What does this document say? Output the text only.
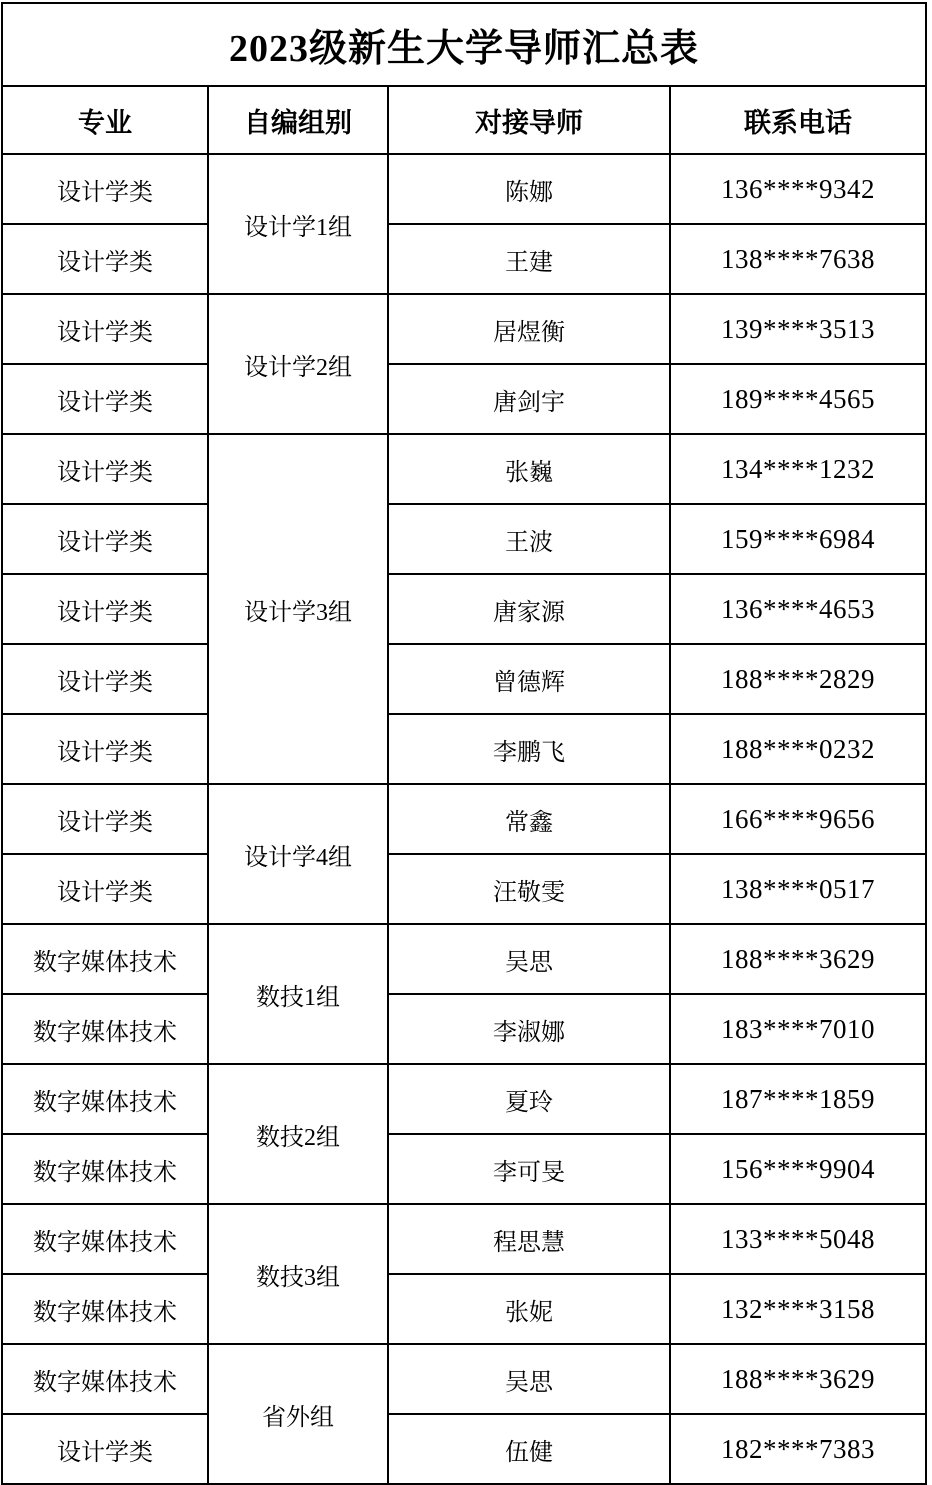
2023级新生大学导师汇总表			
专业	自编组别	对接导师	联系电话
设计学类	设计学1组	陈娜	136****9342
设计学类		王建	138****7638
设计学类	设计学2组	居煜衡	139****3513
设计学类		唐剑宇	189****4565
设计学类	设计学3组	张巍	134****1232
设计学类		王波	159****6984
设计学类		唐家源	136****4653
设计学类		曾德辉	188****2829
设计学类		李鹏飞	188****0232
设计学类	设计学4组	常鑫	166****9656
设计学类		汪敬雯	138****0517
数字媒体技术	数技1组	吴思	188****3629
数字媒体技术		李淑娜	183****7010
数字媒体技术	数技2组	夏玲	187****1859
数字媒体技术		李可旻	156****9904
数字媒体技术	数技3组	程思慧	133****5048
数字媒体技术		张妮	132****3158
数字媒体技术	省外组	吴思	188****3629
设计学类		伍健	182****7383
